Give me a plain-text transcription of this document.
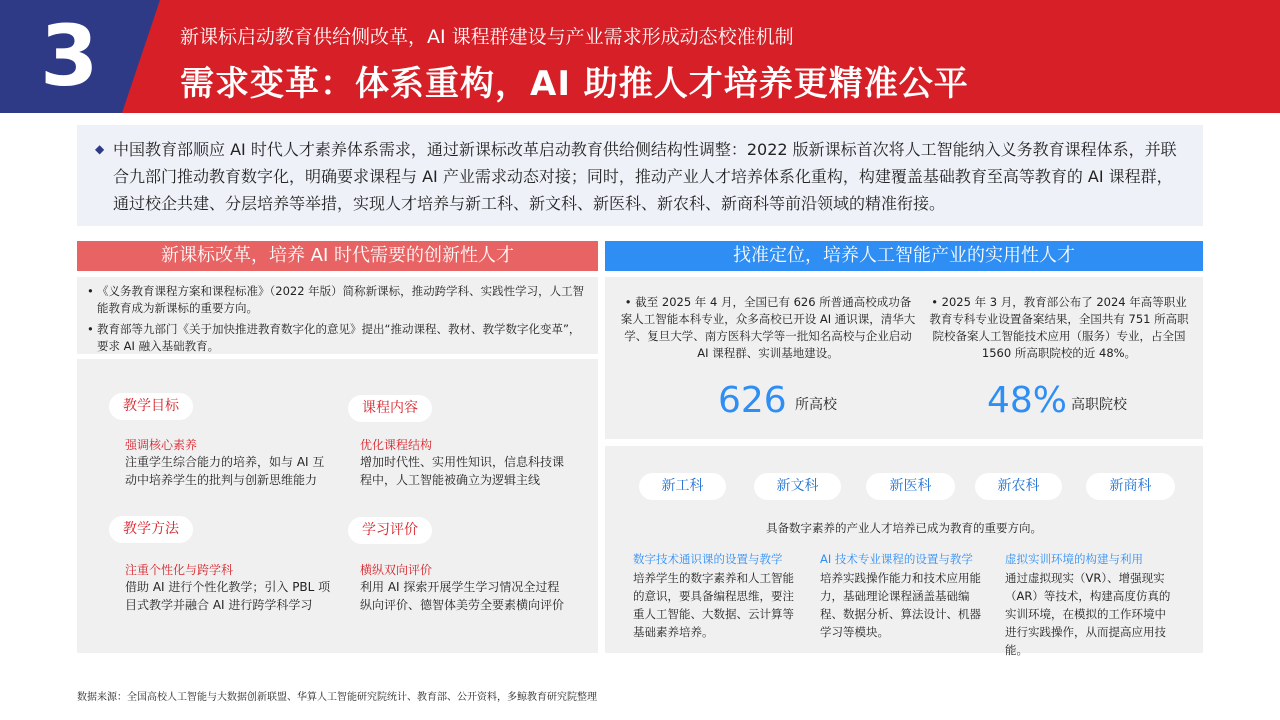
3	新课标启动教育供给侧改革，AI 课程群建设与产业需求形成动态校准机制
需求变革：体系重构，AI 助推人才培养更精准公平
◆ 中国教育部顺应 AI 时代人才素养体系需求，通过新课标改革启动教育供给侧结构性调整：2022 版新课标首次将人工智能纳入义务教育课程体系，并联合九部门推动教育数字化，明确要求课程与 AI 产业需求动态对接；同时，推动产业人才培养体系化重构，构建覆盖基础教育至高等教育的 AI 课程群，通过校企共建、分层培养等举措，实现人才培养与新工科、新文科、新医科、新农科、新商科等前沿领域的精准衔接。
新课标改革，培养 AI 时代需要的创新性人才
• 《义务教育课程方案和课程标准》（2022 年版）简称新课标，推动跨学科、实践性学习，人工智能教育成为新课标的重要方向。
• 教育部等九部门《关于加快推进教育数字化的意见》提出“推动课程、教材、教学数字化变革”，要求 AI 融入基础教育。
教学目标
强调核心素养
注重学生综合能力的培养，如与 AI 互动中培养学生的批判与创新思维能力
课程内容
优化课程结构
增加时代性、实用性知识，信息科技课程中，人工智能被确立为逻辑主线
教学方法
注重个性化与跨学科
借助 AI 进行个性化教学；引入 PBL 项目式教学并融合 AI 进行跨学科学习
学习评价
横纵双向评价
利用 AI 探索开展学生学习情况全过程纵向评价、德智体美劳全要素横向评价
找准定位，培养人工智能产业的实用性人才
• 截至 2025 年 4 月，全国已有 626 所普通高校成功备案人工智能本科专业，众多高校已开设 AI 通识课，清华大学、复旦大学、南方医科大学等一批知名高校与企业启动 AI 课程群、实训基地建设。
626 所高校
• 2025 年 3 月，教育部公布了 2024 年高等职业教育专科专业设置备案结果，全国共有 751 所高职院校备案人工智能技术应用（服务）专业，占全国 1560 所高职院校的近 48%。
48% 高职院校
新工科	新文科	新医科	新农科	新商科
具备数字素养的产业人才培养已成为教育的重要方向。
数字技术通识课的设置与教学
培养学生的数字素养和人工智能的意识，要具备编程思维，要注重人工智能、大数据、云计算等基础素养培养。
AI 技术专业课程的设置与教学
培养实践操作能力和技术应用能力，基础理论课程涵盖基础编程、数据分析、算法设计、机器学习等模块。
虚拟实训环境的构建与利用
通过虚拟现实（VR）、增强现实（AR）等技术，构建高度仿真的实训环境，在模拟的工作环境中进行实践操作，从而提高应用技能。
数据来源：全国高校人工智能与大数据创新联盟、华算人工智能研究院统计、教育部、公开资料，多鲸教育研究院整理
